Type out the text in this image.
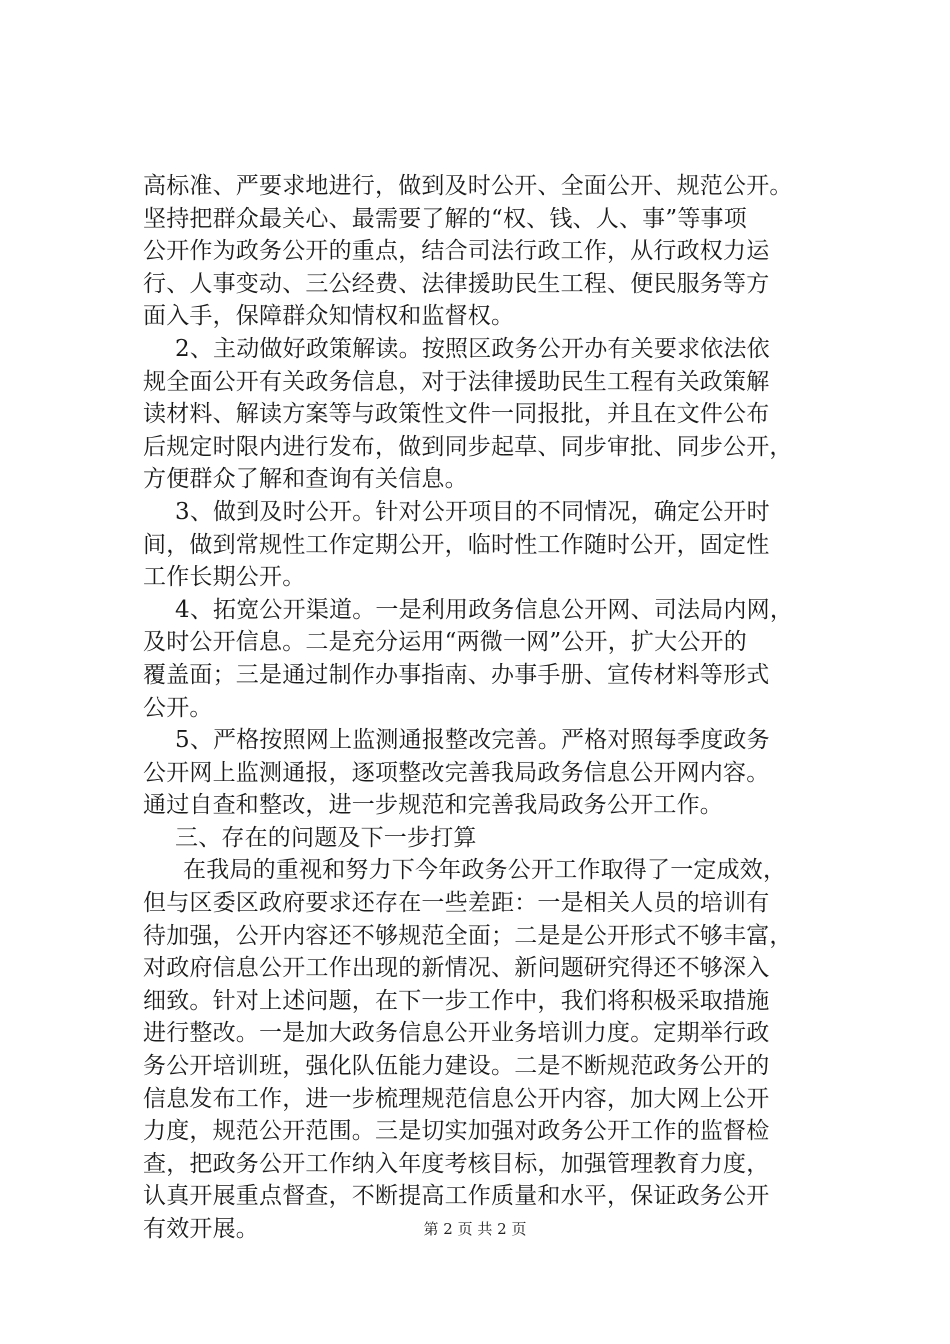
高标准、严要求地进行，做到及时公开、全面公开、规范公开。
坚持把群众最关心、最需要了解的“权、钱、人、事”等事项
公开作为政务公开的重点，结合司法行政工作，从行政权力运
行、人事变动、三公经费、法律援助民生工程、便民服务等方
面入手，保障群众知情权和监督权。
2、主动做好政策解读。按照区政务公开办有关要求依法依
规全面公开有关政务信息，对于法律援助民生工程有关政策解
读材料、解读方案等与政策性文件一同报批，并且在文件公布
后规定时限内进行发布，做到同步起草、同步审批、同步公开，
方便群众了解和查询有关信息。
3、做到及时公开。针对公开项目的不同情况，确定公开时
间，做到常规性工作定期公开，临时性工作随时公开，固定性
工作长期公开。
4、拓宽公开渠道。一是利用政务信息公开网、司法局内网，
及时公开信息。二是充分运用“两微一网”公开，扩大公开的
覆盖面；三是通过制作办事指南、办事手册、宣传材料等形式
公开。
5、严格按照网上监测通报整改完善。严格对照每季度政务
公开网上监测通报，逐项整改完善我局政务信息公开网内容。
通过自查和整改，进一步规范和完善我局政务公开工作。
三、存在的问题及下一步打算
在我局的重视和努力下今年政务公开工作取得了一定成效，
但与区委区政府要求还存在一些差距：一是相关人员的培训有
待加强，公开内容还不够规范全面；二是是公开形式不够丰富，
对政府信息公开工作出现的新情况、新问题研究得还不够深入
细致。针对上述问题，在下一步工作中，我们将积极采取措施
进行整改。一是加大政务信息公开业务培训力度。定期举行政
务公开培训班，强化队伍能力建设。二是不断规范政务公开的
信息发布工作，进一步梳理规范信息公开内容，加大网上公开
力度，规范公开范围。三是切实加强对政务公开工作的监督检
查，把政务公开工作纳入年度考核目标，加强管理教育力度，
认真开展重点督查，不断提高工作质量和水平，保证政务公开
有效开展。	第 2 页 共 2 页
